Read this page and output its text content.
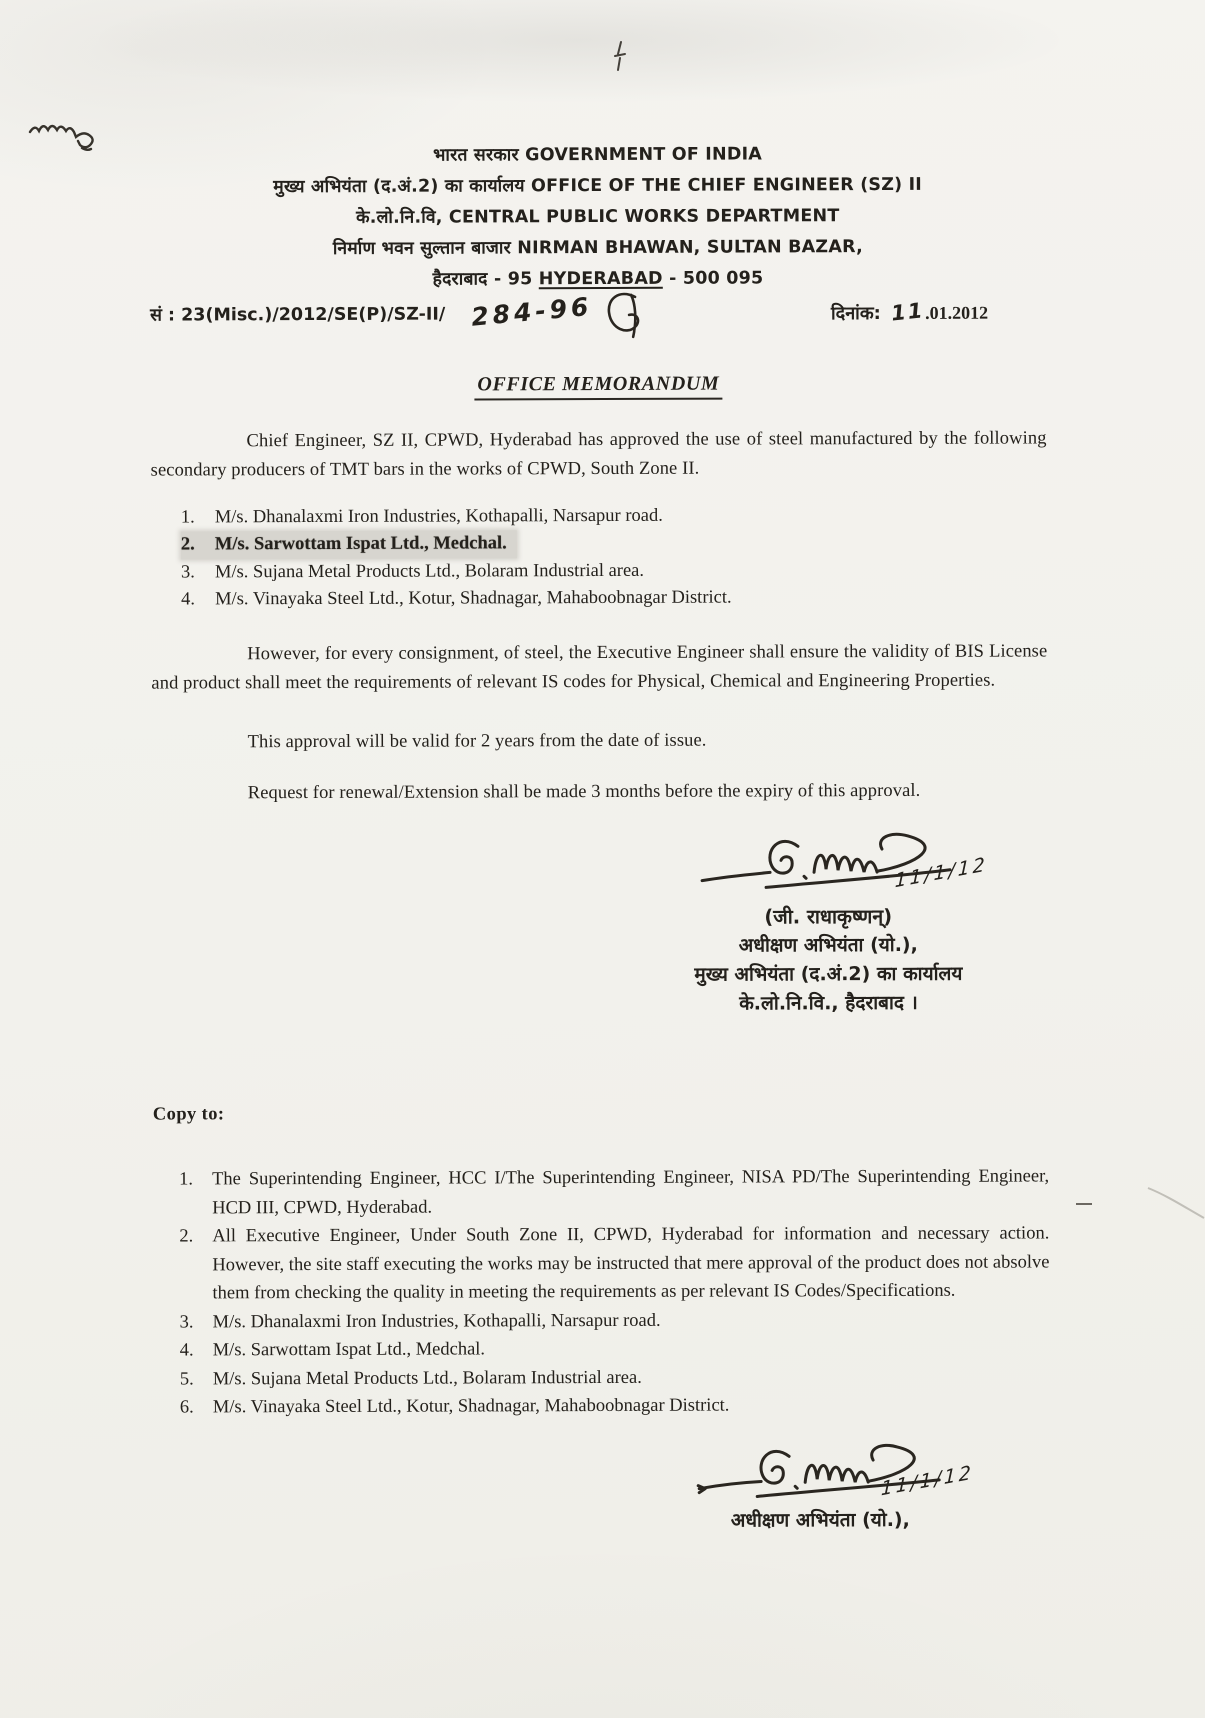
भारत सरकार GOVERNMENT OF INDIA
मुख्य अभियंता (द.अं.2) का कार्यालय OFFICE OF THE CHIEF ENGINEER (SZ) II
के.लो.नि.वि, CENTRAL PUBLIC WORKS DEPARTMENT
निर्माण भवन सुल्तान बाजार NIRMAN BHAWAN, SULTAN BAZAR,
हैदराबाद - 95 HYDERABAD - 500 095
सं : 23(Misc.)/2012/SE(P)/SZ-II/ 284-96	दिनांक: 11.01.2012
OFFICE MEMORANDUM

Chief Engineer, SZ II, CPWD, Hyderabad has approved the use of steel manufactured by the following secondary producers of TMT bars in the works of CPWD, South Zone II.

1.	M/s. Dhanalaxmi Iron Industries, Kothapalli, Narsapur road.
2.	M/s. Sarwottam Ispat Ltd., Medchal.
3.	M/s. Sujana Metal Products Ltd., Bolaram Industrial area.
4.	M/s. Vinayaka Steel Ltd., Kotur, Shadnagar, Mahaboobnagar District.

However, for every consignment, of steel, the Executive Engineer shall ensure the validity of BIS License and product shall meet the requirements of relevant IS codes for Physical, Chemical and Engineering Properties.

This approval will be valid for 2 years from the date of issue.

Request for renewal/Extension shall be made 3 months before the expiry of this approval.

11/1/12
(जी. राधाकृष्णन्)
अधीक्षण अभियंता (यो.),
मुख्य अभियंता (द.अं.2) का कार्यालय
के.लो.नि.वि., हैदराबाद ।
Copy to:
1.	The Superintending Engineer, HCC I/The Superintending Engineer, NISA PD/The Superintending Engineer, HCD III, CPWD, Hyderabad.
2.	All Executive Engineer, Under South Zone II, CPWD, Hyderabad for information and necessary action. However, the site staff executing the works may be instructed that mere approval of the product does not absolve them from checking the quality in meeting the requirements as per relevant IS Codes/Specifications.
3.	M/s. Dhanalaxmi Iron Industries, Kothapalli, Narsapur road.
4.	M/s. Sarwottam Ispat Ltd., Medchal.
5.	M/s. Sujana Metal Products Ltd., Bolaram Industrial area.
6.	M/s. Vinayaka Steel Ltd., Kotur, Shadnagar, Mahaboobnagar District.
11/1/12
अधीक्षण अभियंता (यो.),
